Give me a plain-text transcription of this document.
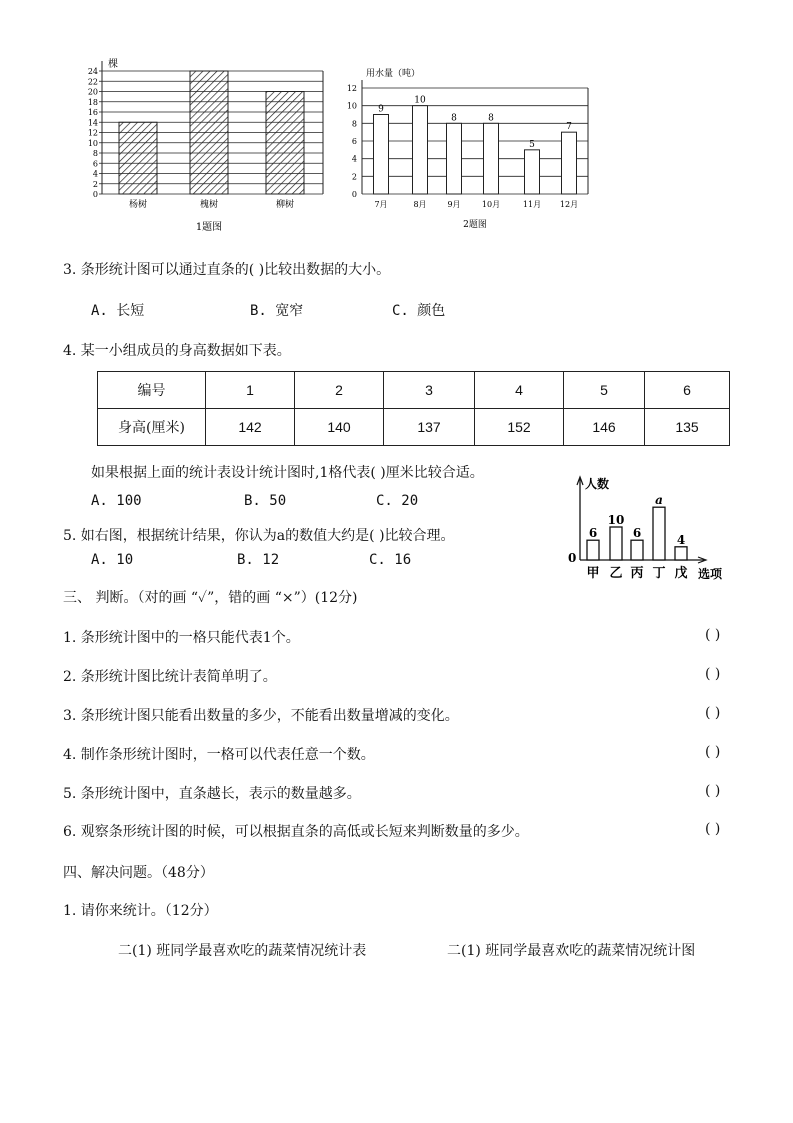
0
2
4
6
8
10
12
14
16
18
20
22
24
棵
杨树	槐树	柳树
1题图
0
2
4
6
8
10
12
用水量（吨）
9
7月
10
8月
8
9月
8
10月
5
11月
7
12月
2题图
3. 条形统计图可以通过直条的( )比较出数据的大小。
A. 长短	B. 宽窄	C. 颜色
4. 某一小组成员的身高数据如下表。
编号	1	2	3	4	5	6
身高(厘米)	142	140	137	152	146	135
如果根据上面的统计表设计统计图时,1格代表( )厘米比较合适。
A. 100	B. 50	C. 20
人数
0
选项
6
甲
10
乙
6
丙
a
丁
4
戊
5. 如右图，根据统计结果，你认为a的数值大约是( )比较合理。
A. 10	B. 12	C. 16
三、 判断。（对的画 “✓”，错的画 “×”）(12分)
1. 条形统计图中的一格只能代表1个。	( )
2. 条形统计图比统计表简单明了。	( )
3. 条形统计图只能看出数量的多少，不能看出数量增减的变化。	( )
4. 制作条形统计图时，一格可以代表任意一个数。	( )
5. 条形统计图中，直条越长，表示的数量越多。	( )
6. 观察条形统计图的时候，可以根据直条的高低或长短来判断数量的多少。	( )
四、解决问题。（48分）
1. 请你来统计。（12分）
二(1) 班同学最喜欢吃的蔬菜情况统计表	二(1) 班同学最喜欢吃的蔬菜情况统计图
